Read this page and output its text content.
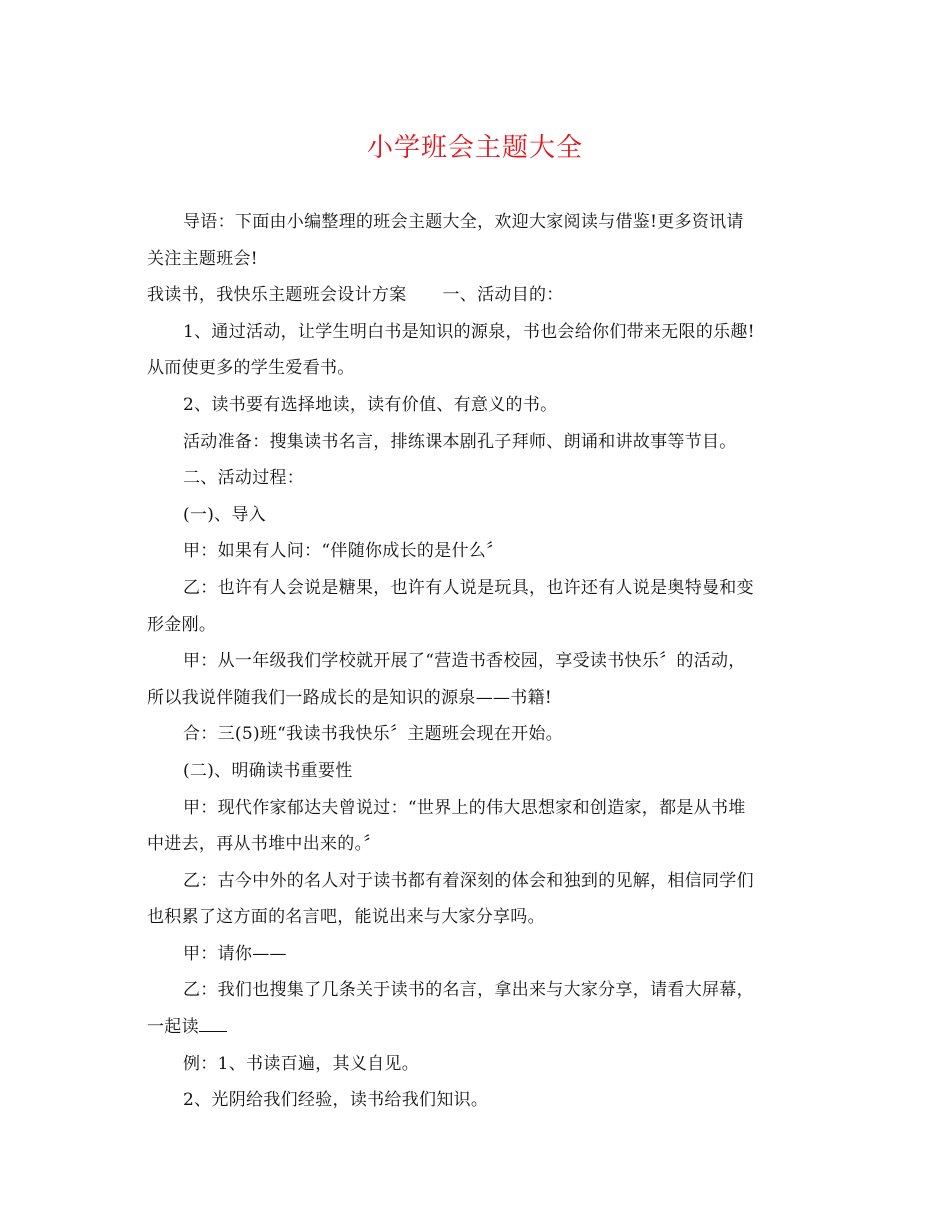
小学班会主题大全

导语：下面由小编整理的班会主题大全，欢迎大家阅读与借鉴!更多资讯请
关注主题班会!

我读书，我快乐主题班会设计方案 一、活动目的：

1、通过活动，让学生明白书是知识的源泉，书也会给你们带来无限的乐趣!
从而使更多的学生爱看书。

2、读书要有选择地读，读有价值、有意义的书。

活动准备：搜集读书名言，排练课本剧孔子拜师、朗诵和讲故事等节目。

二、活动过程：

(一)、导入

甲：如果有人问：“伴随你成长的是什么〞

乙：也许有人会说是糖果，也许有人说是玩具，也许还有人说是奥特曼和变
形金刚。

甲：从一年级我们学校就开展了“营造书香校园，享受读书快乐〞的活动，
所以我说伴随我们一路成长的是知识的源泉——书籍!

合：三(5)班“我读书我快乐〞主题班会现在开始。

(二)、明确读书重要性

甲：现代作家郁达夫曾说过：“世界上的伟大思想家和创造家，都是从书堆
中进去，再从书堆中出来的。〞

乙：古今中外的名人对于读书都有着深刻的体会和独到的见解，相信同学们
也积累了这方面的名言吧，能说出来与大家分享吗。

甲：请你——

乙：我们也搜集了几条关于读书的名言，拿出来与大家分享，请看大屏幕，
一起读

例：1、书读百遍，其义自见。

2、光阴给我们经验，读书给我们知识。
